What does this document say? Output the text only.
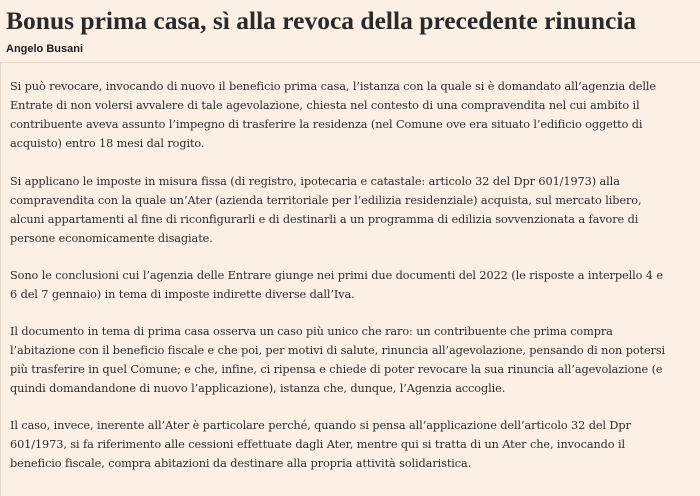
Bonus prima casa, sì alla revoca della precedente rinuncia
Angelo Busani

Si può revocare, invocando di nuovo il beneficio prima casa, l’istanza con la quale si è domandato all’agenzia delle
Entrate di non volersi avvalere di tale agevolazione, chiesta nel contesto di una compravendita nel cui ambito il
contribuente aveva assunto l’impegno di trasferire la residenza (nel Comune ove era situato l’edificio oggetto di
acquisto) entro 18 mesi dal rogito.

Si applicano le imposte in misura fissa (di registro, ipotecaria e catastale: articolo 32 del Dpr 601/1973) alla
compravendita con la quale un’Ater (azienda territoriale per l’edilizia residenziale) acquista, sul mercato libero,
alcuni appartamenti al fine di riconfigurarli e di destinarli a un programma di edilizia sovvenzionata a favore di
persone economicamente disagiate.

Sono le conclusioni cui l’agenzia delle Entrare giunge nei primi due documenti del 2022 (le risposte a interpello 4 e
6 del 7 gennaio) in tema di imposte indirette diverse dall’Iva.

Il documento in tema di prima casa osserva un caso più unico che raro: un contribuente che prima compra
l’abitazione con il beneficio fiscale e che poi, per motivi di salute, rinuncia all’agevolazione, pensando di non potersi
più trasferire in quel Comune; e che, infine, ci ripensa e chiede di poter revocare la sua rinuncia all’agevolazione (e
quindi domandandone di nuovo l’applicazione), istanza che, dunque, l’Agenzia accoglie.

Il caso, invece, inerente all’Ater è particolare perché, quando si pensa all’applicazione dell’articolo 32 del Dpr
601/1973, si fa riferimento alle cessioni effettuate dagli Ater, mentre qui si tratta di un Ater che, invocando il
beneficio fiscale, compra abitazioni da destinare alla propria attività solidaristica.
